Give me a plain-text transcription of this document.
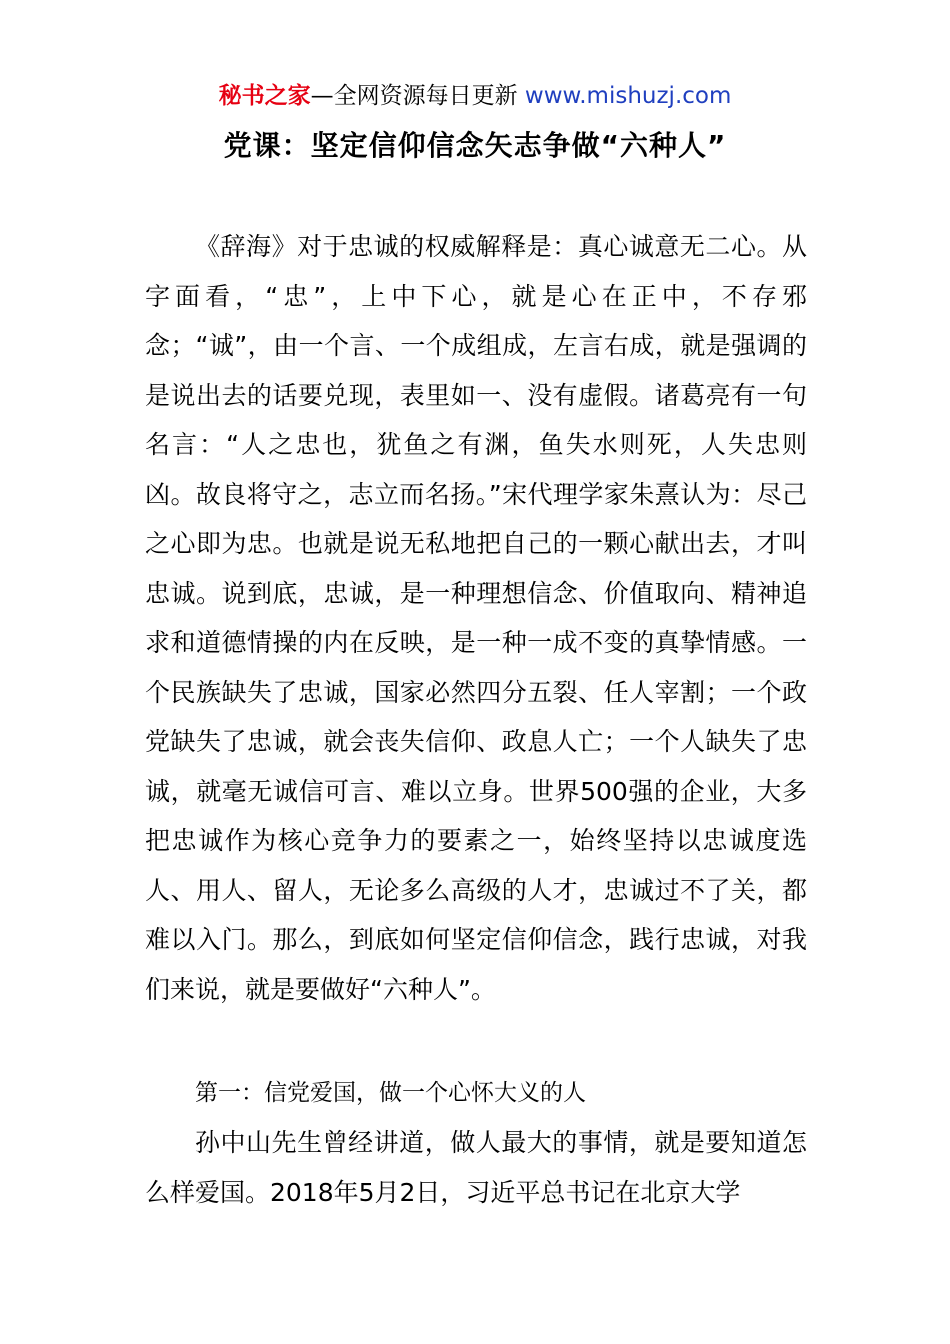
秘书之家—全网资源每日更新 www.mishuzj.com
党课：坚定信仰信念矢志争做“六种人”

《辞海》对于忠诚的权威解释是：真心诚意无二心。从字面看，“忠”，上中下心，就是心在正中，不存邪念；“诚”，由一个言、一个成组成，左言右成，就是强调的是说出去的话要兑现，表里如一、没有虚假。诸葛亮有一句名言：“人之忠也，犹鱼之有渊，鱼失水则死，人失忠则凶。故良将守之，志立而名扬。”宋代理学家朱熹认为：尽己之心即为忠。也就是说无私地把自己的一颗心献出去，才叫忠诚。说到底，忠诚，是一种理想信念、价值取向、精神追求和道德情操的内在反映，是一种一成不变的真挚情感。一个民族缺失了忠诚，国家必然四分五裂、任人宰割；一个政党缺失了忠诚，就会丧失信仰、政息人亡；一个人缺失了忠诚，就毫无诚信可言、难以立身。世界500强的企业，大多把忠诚作为核心竞争力的要素之一，始终坚持以忠诚度选人、用人、留人，无论多么高级的人才，忠诚过不了关，都难以入门。那么，到底如何坚定信仰信念，践行忠诚，对我们来说，就是要做好“六种人”。

第一：信党爱国，做一个心怀大义的人

孙中山先生曾经讲道，做人最大的事情，就是要知道怎么样爱国。2018年5月2日，习近平总书记在北京大学
